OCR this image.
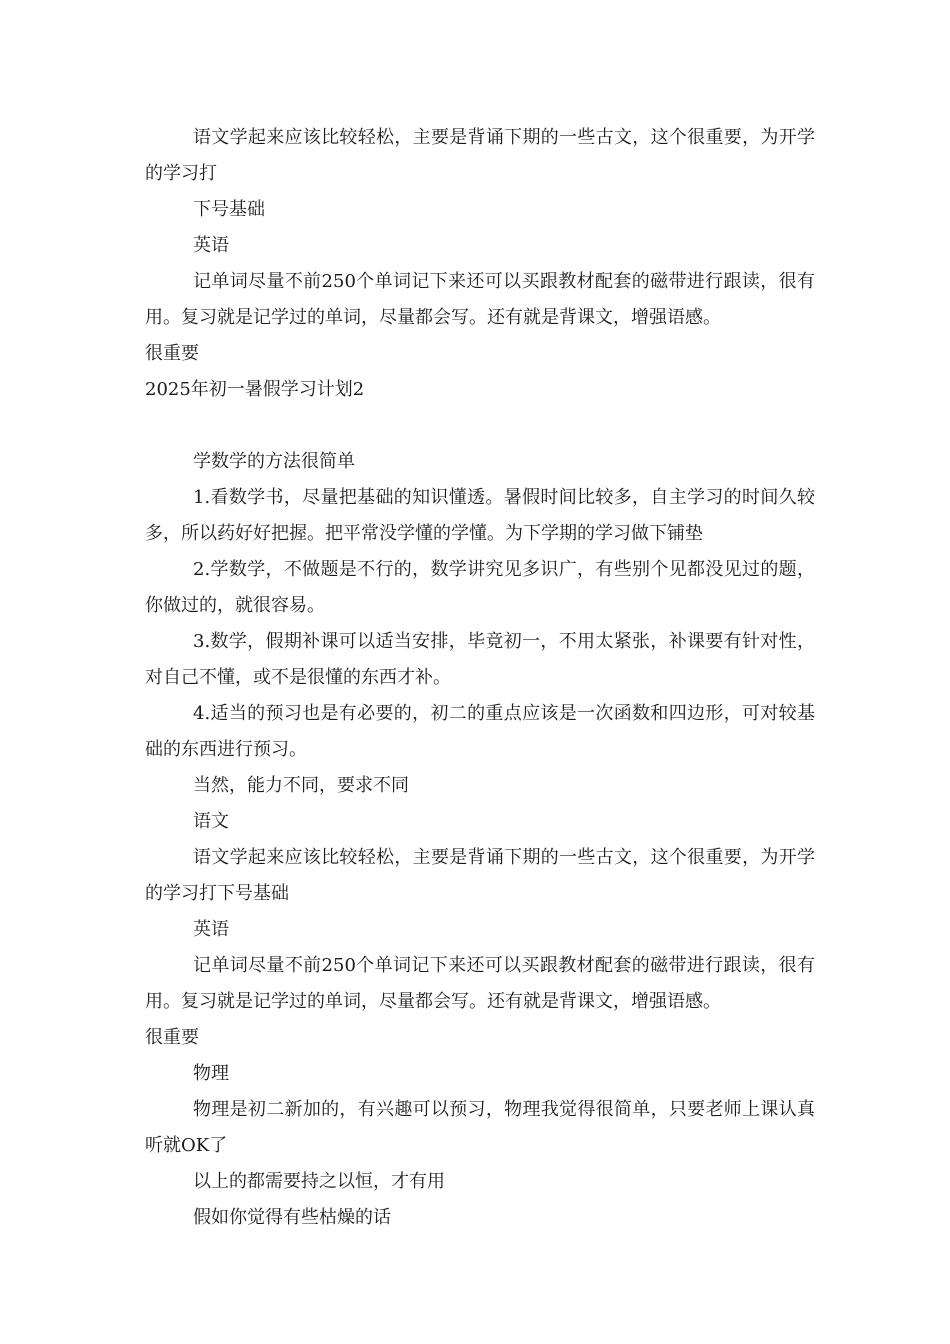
语文学起来应该比较轻松，主要是背诵下期的一些古文，这个很重要，为开学的学习打

下号基础

英语

记单词尽量不前250个单词记下来还可以买跟教材配套的磁带进行跟读，很有用。复习就是记学过的单词，尽量都会写。还有就是背课文，增强语感。

很重要

2025年初一暑假学习计划2

学数学的方法很简单

1.看数学书，尽量把基础的知识懂透。暑假时间比较多，自主学习的时间久较多，所以药好好把握。把平常没学懂的学懂。为下学期的学习做下铺垫

2.学数学，不做题是不行的，数学讲究见多识广，有些别个见都没见过的题，你做过的，就很容易。

3.数学，假期补课可以适当安排，毕竟初一，不用太紧张，补课要有针对性，对自己不懂，或不是很懂的东西才补。

4.适当的预习也是有必要的，初二的重点应该是一次函数和四边形，可对较基础的东西进行预习。

当然，能力不同，要求不同

语文

语文学起来应该比较轻松，主要是背诵下期的一些古文，这个很重要，为开学的学习打下号基础

英语

记单词尽量不前250个单词记下来还可以买跟教材配套的磁带进行跟读，很有用。复习就是记学过的单词，尽量都会写。还有就是背课文，增强语感。

很重要

物理

物理是初二新加的，有兴趣可以预习，物理我觉得很简单，只要老师上课认真听就OK了

以上的都需要持之以恒，才有用

假如你觉得有些枯燥的话
